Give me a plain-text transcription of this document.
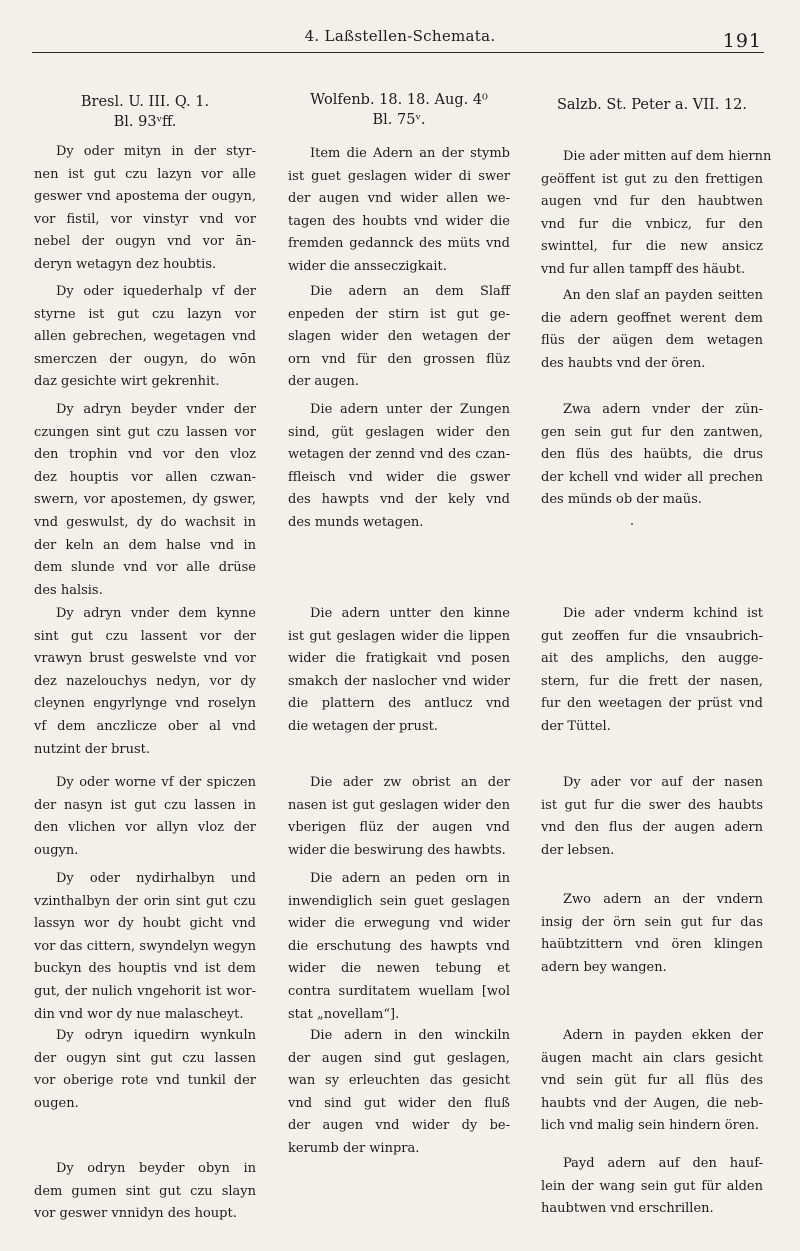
4. Laßstellen-Schemata.	191
Bresl. U. III. Q. 1.
Bl. 93ᵛff.
Dy oder mityn in der styr-
nen ist gut czu lazyn vor alle
geswer vnd apostema der ougyn,
vor fistil, vor vinstyr vnd vor
nebel der ougyn vnd vor ān-
deryn wetagyn dez houbtis.
Dy oder iquederhalp vf der
styrne ist gut czu lazyn vor
allen gebrechen, wegetagen vnd
smerczen der ougyn, do wōn
daz gesichte wirt gekrenhit.
Dy adryn beyder vnder der
czungen sint gut czu lassen vor
den trophin vnd vor den vloz
dez houptis vor allen czwan-
swern, vor apostemen, dy gswer,
vnd geswulst, dy do wachsit in
der keln an dem halse vnd in
dem slunde vnd vor alle drüse
des halsis.
Dy adryn vnder dem kynne
sint gut czu lassent vor der
vrawyn brust geswelste vnd vor
dez nazelouchys nedyn, vor dy
cleynen engyrlynge vnd roselyn
vf dem anczlicze ober al vnd
nutzint der brust.
Dy oder worne vf der spiczen
der nasyn ist gut czu lassen in
den vlichen vor allyn vloz der
ougyn.
Dy oder nydirhalbyn und
vzinthalbyn der orin sint gut czu
lassyn wor dy houbt gicht vnd
vor das cittern, swyndelyn wegyn
buckyn des houptis vnd ist dem
gut, der nulich vngehorit ist wor-
din vnd wor dy nue malascheyt.
Dy odryn iquedirn wynkuln
der ougyn sint gut czu lassen
vor oberige rote vnd tunkil der
ougen.
Dy odryn beyder obyn in
dem gumen sint gut czu slayn
vor geswer vnnidyn des houpt.
Wolfenb. 18. 18. Aug. 4⁰
Bl. 75ᵛ.
Item die Adern an der stymb
ist guet geslagen wider di swer
der augen vnd wider allen we-
tagen des houbts vnd wider die
fremden gedannck des müts vnd
wider die ansseczigkait.
Die adern an dem Slaff
enpeden der stirn ist gut ge-
slagen wider den wetagen der
orn vnd für den grossen flüz
der augen.
Die adern unter der Zungen
sind, güt geslagen wider den
wetagen der zennd vnd des czan-
ffleisch vnd wider die gswer
des hawpts vnd der kely vnd
des munds wetagen.
Die adern untter den kinne
ist gut geslagen wider die lippen
wider die fratigkait vnd posen
smakch der naslocher vnd wider
die plattern des antlucz vnd
die wetagen der prust.
Die ader zw obrist an der
nasen ist gut geslagen wider den
vberigen flüz der augen vnd
wider die beswirung des hawbts.
Die adern an peden orn in
inwendiglich sein guet geslagen
wider die erwegung vnd wider
die erschutung des hawpts vnd
wider die newen tebung et
contra surditatem wuellam [wol
stat „novellam“].
Die adern in den winckiln
der augen sind gut geslagen,
wan sy erleuchten das gesicht
vnd sind gut wider den fluß
der augen vnd wider dy be-
kerumb der winpra.
Salzb. St. Peter a. VII. 12.
Die ader mitten auf dem hiernn
geöffent ist gut zu den frettigen
augen vnd fur den haubtwen
vnd fur die vnbicz, fur den
swinttel, fur die new ansicz
vnd fur allen tampff des häubt.
An den slaf an payden seitten
die adern geoffnet werent dem
flüs der aügen dem wetagen
des haubts vnd der ören.
Zwa adern vnder der zün-
gen sein gut fur den zantwen,
den flüs des haübts, die drus
der kchell vnd wider all prechen
des münds ob der maüs.
Die ader vnderm kchind ist
gut zeoffen fur die vnsaubrich-
ait des amplichs, den augge-
stern, fur die frett der nasen,
fur den weetagen der prüst vnd
der Tüttel.
Dy ader vor auf der nasen
ist gut fur die swer des haubts
vnd den flus der augen adern
der lebsen.
Zwo adern an der vndern
insig der örn sein gut fur das
haübtzittern vnd ören klingen
adern bey wangen.
Adern in payden ekken der
äugen macht ain clars gesicht
vnd sein güt fur all flüs des
haubts vnd der Augen, die neb-
lich vnd malig sein hindern ören.
Payd adern auf den hauf-
lein der wang sein gut für alden
haubtwen vnd erschrillen.
